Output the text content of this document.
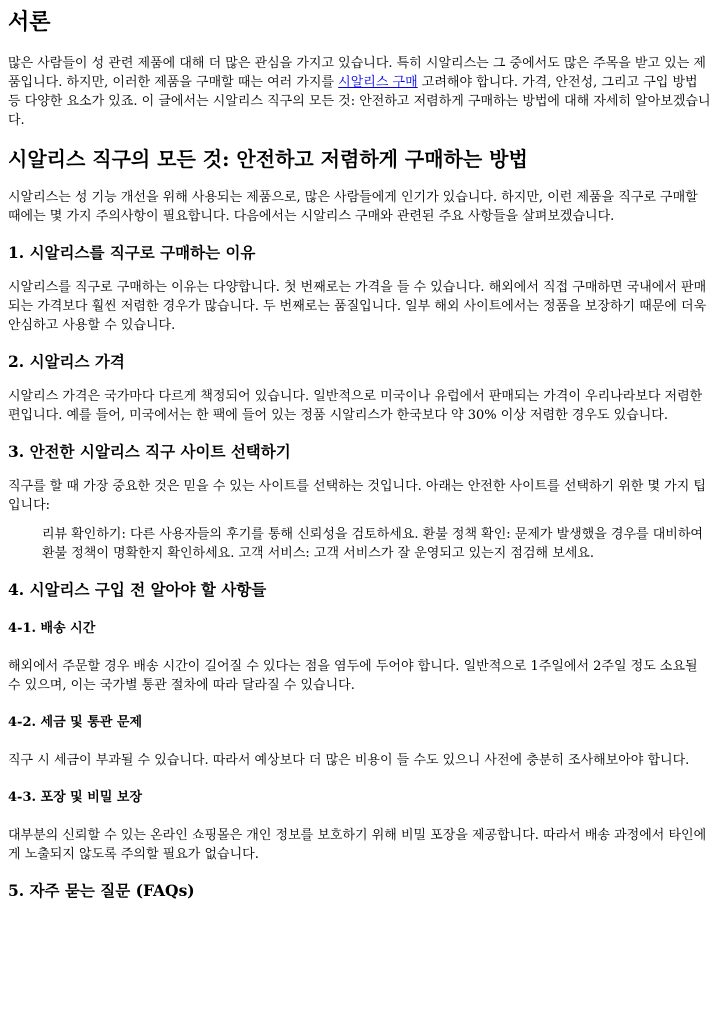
서론

많은 사람들이 성 관련 제품에 대해 더 많은 관심을 가지고 있습니다. 특히 시알리스는 그 중에서도 많은 주목을 받고 있는 제품입니다. 하지만, 이러한 제품을 구매할 때는 여러 가지를 시알리스 구매 고려해야 합니다. 가격, 안전성, 그리고 구입 방법 등 다양한 요소가 있죠. 이 글에서는 시알리스 직구의 모든 것: 안전하고 저렴하게 구매하는 방법에 대해 자세히 알아보겠습니다.

시알리스 직구의 모든 것: 안전하고 저렴하게 구매하는 방법

시알리스는 성 기능 개선을 위해 사용되는 제품으로, 많은 사람들에게 인기가 있습니다. 하지만, 이런 제품을 직구로 구매할 때에는 몇 가지 주의사항이 필요합니다. 다음에서는 시알리스 구매와 관련된 주요 사항들을 살펴보겠습니다.

1. 시알리스를 직구로 구매하는 이유

시알리스를 직구로 구매하는 이유는 다양합니다. 첫 번째로는 가격을 들 수 있습니다. 해외에서 직접 구매하면 국내에서 판매되는 가격보다 훨씬 저렴한 경우가 많습니다. 두 번째로는 품질입니다. 일부 해외 사이트에서는 정품을 보장하기 때문에 더욱 안심하고 사용할 수 있습니다.

2. 시알리스 가격

시알리스 가격은 국가마다 다르게 책정되어 있습니다. 일반적으로 미국이나 유럽에서 판매되는 가격이 우리나라보다 저렴한 편입니다. 예를 들어, 미국에서는 한 팩에 들어 있는 정품 시알리스가 한국보다 약 30% 이상 저렴한 경우도 있습니다.

3. 안전한 시알리스 직구 사이트 선택하기

직구를 할 때 가장 중요한 것은 믿을 수 있는 사이트를 선택하는 것입니다. 아래는 안전한 사이트를 선택하기 위한 몇 가지 팁입니다:

리뷰 확인하기: 다른 사용자들의 후기를 통해 신뢰성을 검토하세요. 환불 정책 확인: 문제가 발생했을 경우를 대비하여 환불 정책이 명확한지 확인하세요. 고객 서비스: 고객 서비스가 잘 운영되고 있는지 점검해 보세요.
4. 시알리스 구입 전 알아야 할 사항들
4-1. 배송 시간

해외에서 주문할 경우 배송 시간이 길어질 수 있다는 점을 염두에 두어야 합니다. 일반적으로 1주일에서 2주일 정도 소요될 수 있으며, 이는 국가별 통관 절차에 따라 달라질 수 있습니다.

4-2. 세금 및 통관 문제

직구 시 세금이 부과될 수 있습니다. 따라서 예상보다 더 많은 비용이 들 수도 있으니 사전에 충분히 조사해보아야 합니다.

4-3. 포장 및 비밀 보장

대부분의 신뢰할 수 있는 온라인 쇼핑몰은 개인 정보를 보호하기 위해 비밀 포장을 제공합니다. 따라서 배송 과정에서 타인에게 노출되지 않도록 주의할 필요가 없습니다.

5. 자주 묻는 질문 (FAQs)
